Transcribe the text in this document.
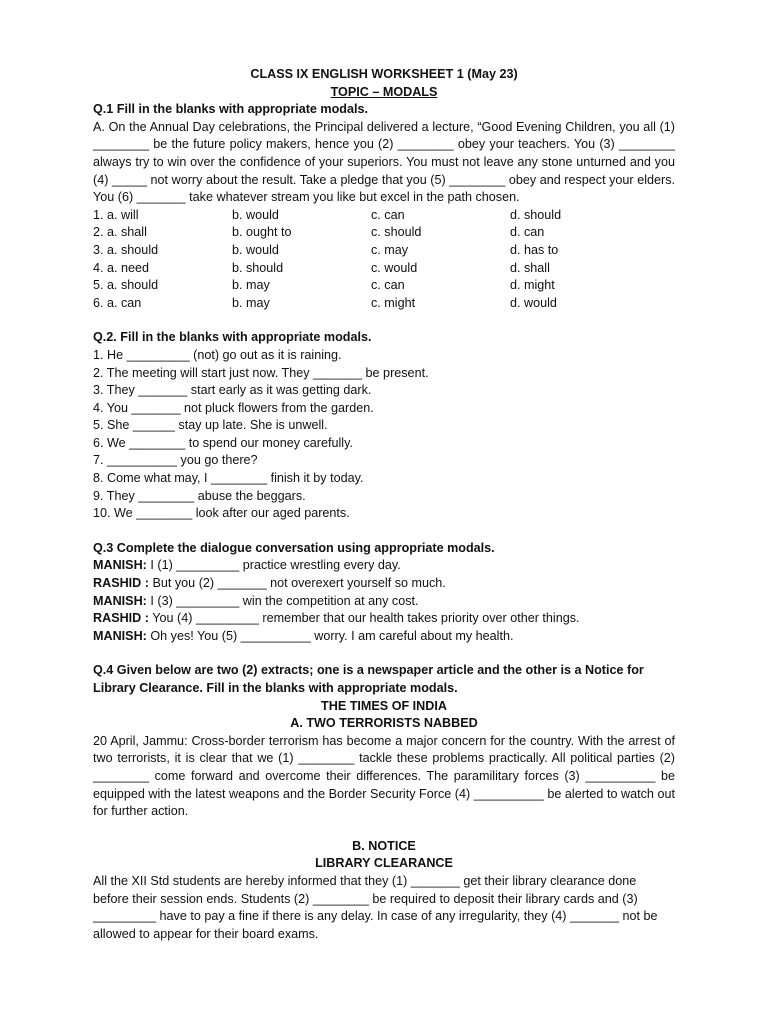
CLASS IX ENGLISH WORKSHEET 1 (May 23)
TOPIC – MODALS
Q.1 Fill in the blanks with appropriate modals.
A. On the Annual Day celebrations, the Principal delivered a lecture, “Good Evening Children, you all (1) ________ be the future policy makers, hence you (2) ________ obey your teachers. You (3) ________ always try to win over the confidence of your superiors. You must not leave any stone unturned and you (4) _____ not worry about the result. Take a pledge that you (5) ________ obey and respect your elders. You (6) _______ take whatever stream you like but excel in the path chosen.
1. a. will	b. would	c. can	d. should
2. a. shall	b. ought to	c. should	d. can
3. a. should	b. would	c. may	d. has to
4. a. need	b. should	c. would	d. shall
5. a. should	b. may	c. can	d. might
6. a. can	b. may	c. might	d. would
Q.2. Fill in the blanks with appropriate modals.
1. He _________ (not) go out as it is raining.
2. The meeting will start just now. They _______ be present.
3. They _______ start early as it was getting dark.
4. You _______ not pluck flowers from the garden.
5. She ______ stay up late. She is unwell.
6. We ________ to spend our money carefully.
7. __________ you go there?
8. Come what may, I ________ finish it by today.
9. They ________ abuse the beggars.
10. We ________ look after our aged parents.
Q.3 Complete the dialogue conversation using appropriate modals.
MANISH: I (1) _________ practice wrestling every day.
RASHID : But you (2) _______ not overexert yourself so much.
MANISH: I (3) _________ win the competition at any cost.
RASHID : You (4) _________ remember that our health takes priority over other things.
MANISH: Oh yes! You (5) __________ worry. I am careful about my health.
Q.4 Given below are two (2) extracts; one is a newspaper article and the other is a Notice for Library Clearance. Fill in the blanks with appropriate modals.
THE TIMES OF INDIA
A. TWO TERRORISTS NABBED
20 April, Jammu: Cross-border terrorism has become a major concern for the country. With the arrest of two terrorists, it is clear that we (1) ________ tackle these problems practically. All political parties (2) ________ come forward and overcome their differences. The paramilitary forces (3) __________ be equipped with the latest weapons and the Border Security Force (4) __________ be alerted to watch out for further action.
B. NOTICE
LIBRARY CLEARANCE
All the XII Std students are hereby informed that they (1) _______ get their library clearance done before their session ends. Students (2) ________ be required to deposit their library cards and (3) _________ have to pay a fine if there is any delay. In case of any irregularity, they (4) _______ not be allowed to appear for their board exams.
